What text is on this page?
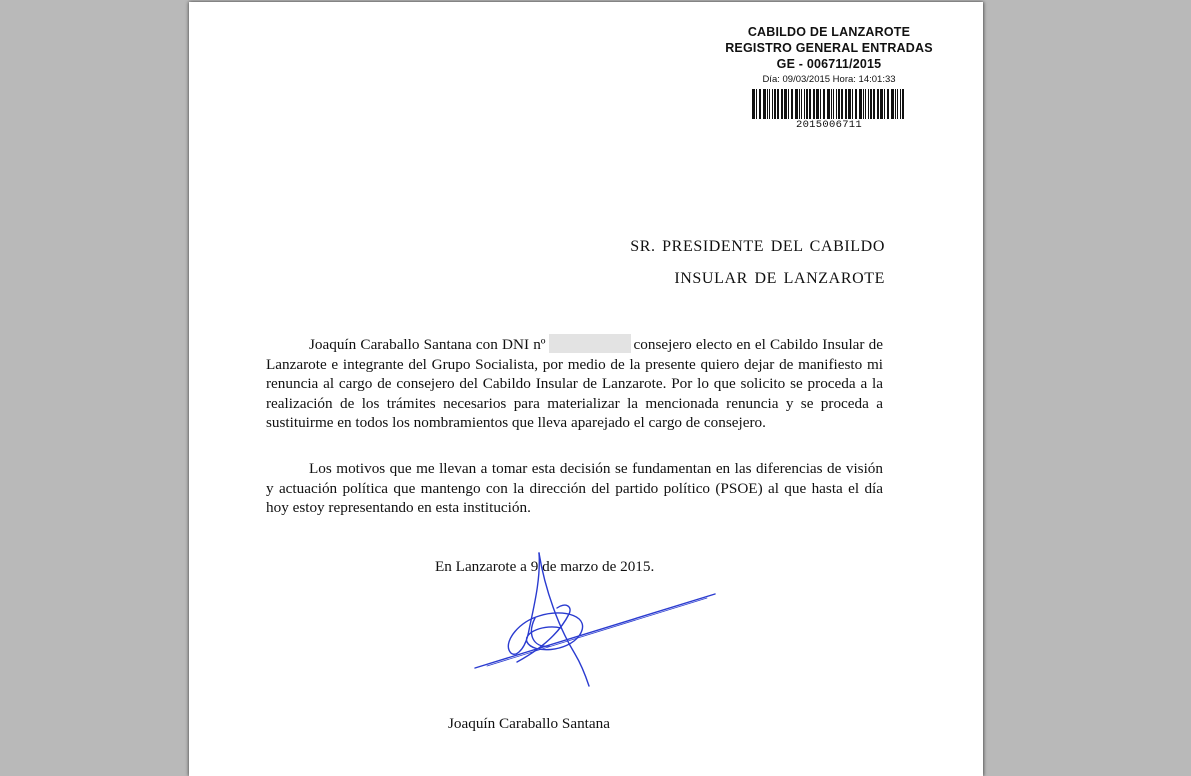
CABILDO DE LANZAROTE
REGISTRO GENERAL ENTRADAS
GE - 006711/2015
Día: 09/03/2015 Hora: 14:01:33
2015006711
SR. PRESIDENTE DEL CABILDO
INSULAR DE LANZAROTE
Joaquín Caraballo Santana con DNI nº	consejero electo en el Cabildo Insular de Lanzarote e integrante del Grupo Socialista, por medio de la presente quiero dejar de manifiesto mi renuncia al cargo de consejero del Cabildo Insular de Lanzarote. Por lo que solicito se proceda a la realización de los trámites necesarios para materializar la mencionada renuncia y se proceda a sustituirme en todos los nombramientos que lleva aparejado el cargo de consejero.
Los motivos que me llevan a tomar esta decisión se fundamentan en las diferencias de visión y actuación política que mantengo con la dirección del partido político (PSOE) al que hasta el día hoy estoy representando en esta institución.
En Lanzarote a 9 de marzo de 2015.
Joaquín Caraballo Santana
